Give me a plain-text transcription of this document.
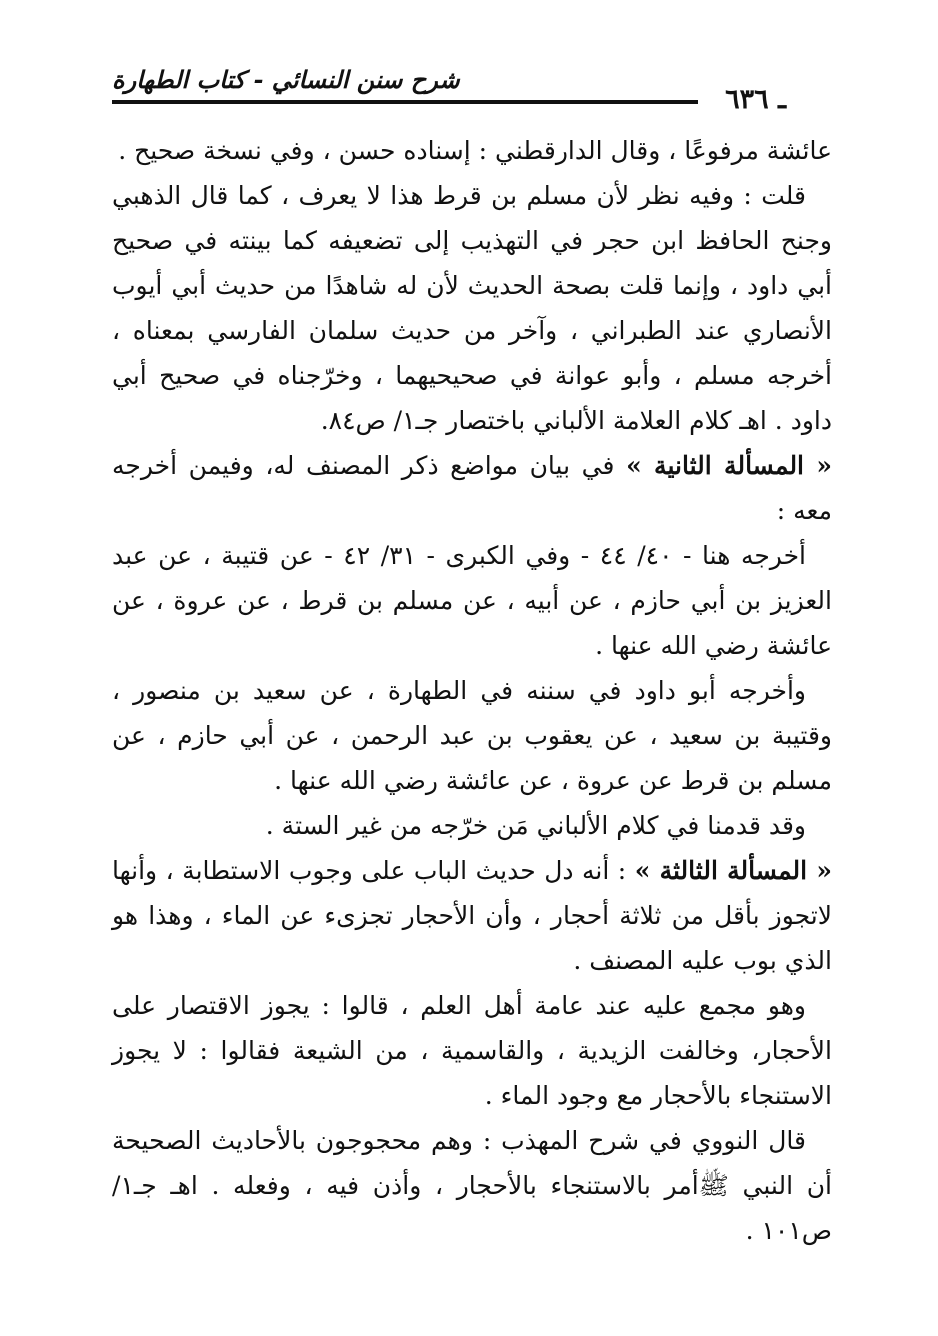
شرح سنن النسائي - كتاب الطهارة
ـ ٦٣٦

عائشة مرفوعًا ، وقال الدارقطني : إسناده حسن ، وفي نسخة صحيح .

قلت : وفيه نظر لأن مسلم بن قرط هذا لا يعرف ، كما قال الذهبي وجنح الحافظ ابن حجر في التهذيب إلى تضعيفه كما بينته في صحيح أبي داود ، وإنما قلت بصحة الحديث لأن له شاهدًا من حديث أبي أيوب الأنصاري عند الطبراني ، وآخر من حديث سلمان الفارسي بمعناه ، أخرجه مسلم ، وأبو عوانة في صحيحيهما ، وخرّجناه في صحيح أبي داود . اهـ كلام العلامة الألباني باختصار جـ١/ ص٨٤.

« المسألة الثانية » في بيان مواضع ذكر المصنف له، وفيمن أخرجه معه :

أخرجه هنا - ٤٠/ ٤٤ - وفي الكبرى - ٣١/ ٤٢ - عن قتيبة ، عن عبد العزيز بن أبي حازم ، عن أبيه ، عن مسلم بن قرط ، عن عروة ، عن عائشة رضي الله عنها .

وأخرجه أبو داود في سننه في الطهارة ، عن سعيد بن منصور ، وقتيبة بن سعيد ، عن يعقوب بن عبد الرحمن ، عن أبي حازم ، عن مسلم بن قرط عن عروة ، عن عائشة رضي الله عنها .

وقد قدمنا في كلام الألباني مَن خرّجه من غير الستة .

« المسألة الثالثة » : أنه دل حديث الباب على وجوب الاستطابة ، وأنها لاتجوز بأقل من ثلاثة أحجار ، وأن الأحجار تجزىء عن الماء ، وهذا هو الذي بوب عليه المصنف .

وهو مجمع عليه عند عامة أهل العلم ، قالوا : يجوز الاقتصار على الأحجار، وخالفت الزيدية ، والقاسمية ، من الشيعة فقالوا : لا يجوز الاستنجاء بالأحجار مع وجود الماء .

قال النووي في شرح المهذب : وهم محجوجون بالأحاديث الصحيحة أن النبي ﷺأمر بالاستنجاء بالأحجار ، وأذن فيه ، وفعله . اهـ جـ١/ ص١٠١ .
